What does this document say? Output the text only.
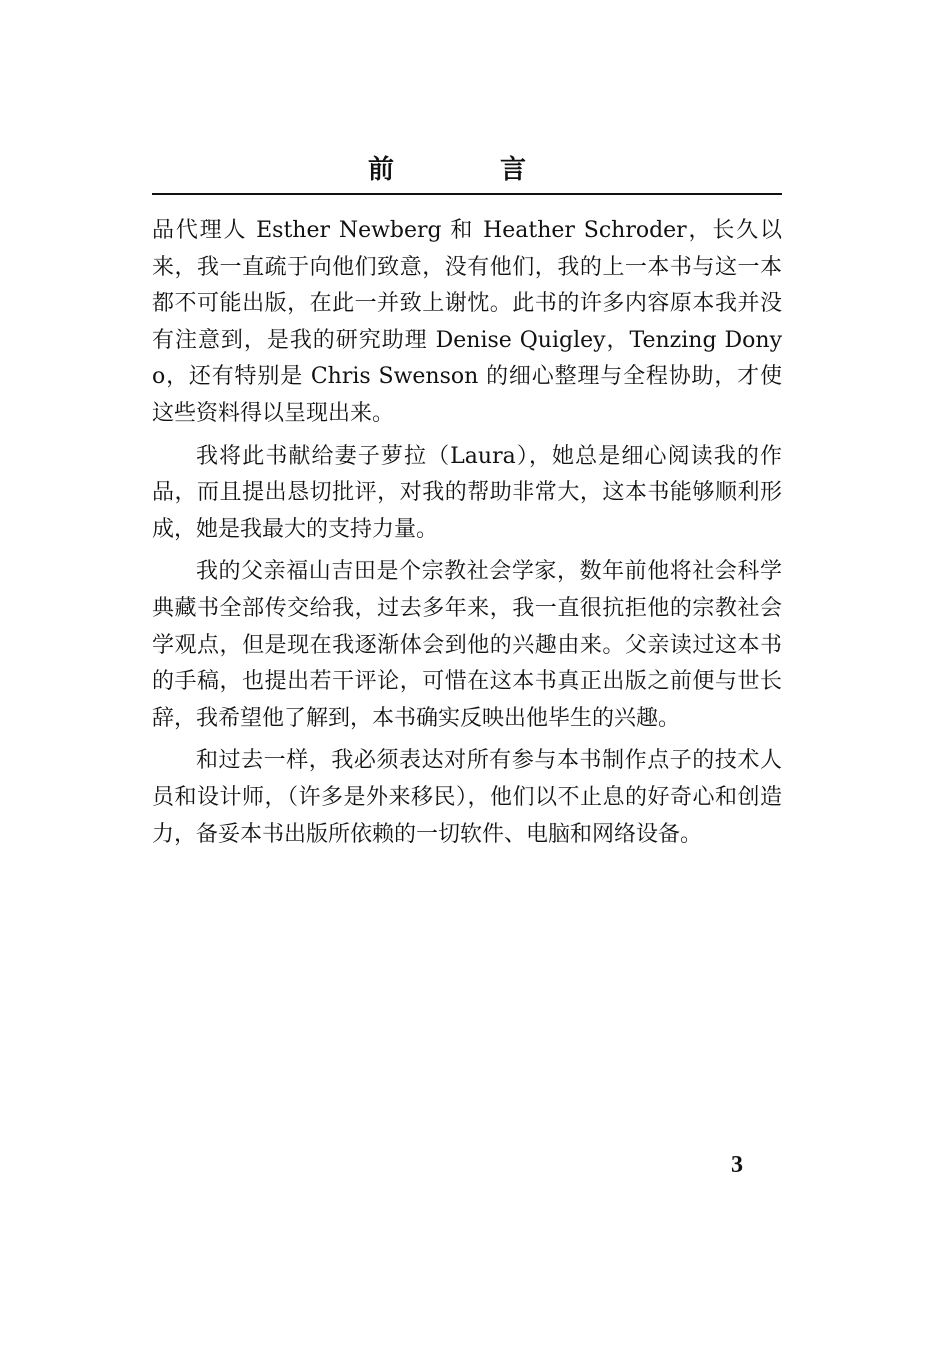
前　言

品代理人 Esther Newberg 和 Heather Schroder，长久以来，我一直疏于向他们致意，没有他们，我的上一本书与这一本都不可能出版，在此一并致上谢忱。此书的许多内容原本我并没有注意到，是我的研究助理 Denise Quigley，Tenzing Donyo，还有特别是 Chris Swenson 的细心整理与全程协助，才使这些资料得以呈现出来。

我将此书献给妻子萝拉（Laura），她总是细心阅读我的作品，而且提出恳切批评，对我的帮助非常大，这本书能够顺利形成，她是我最大的支持力量。

我的父亲福山吉田是个宗教社会学家，数年前他将社会科学典藏书全部传交给我，过去多年来，我一直很抗拒他的宗教社会学观点，但是现在我逐渐体会到他的兴趣由来。父亲读过这本书的手稿，也提出若干评论，可惜在这本书真正出版之前便与世长辞，我希望他了解到，本书确实反映出他毕生的兴趣。

和过去一样，我必须表达对所有参与本书制作点子的技术人员和设计师，（许多是外来移民），他们以不止息的好奇心和创造力，备妥本书出版所依赖的一切软件、电脑和网络设备。

3
